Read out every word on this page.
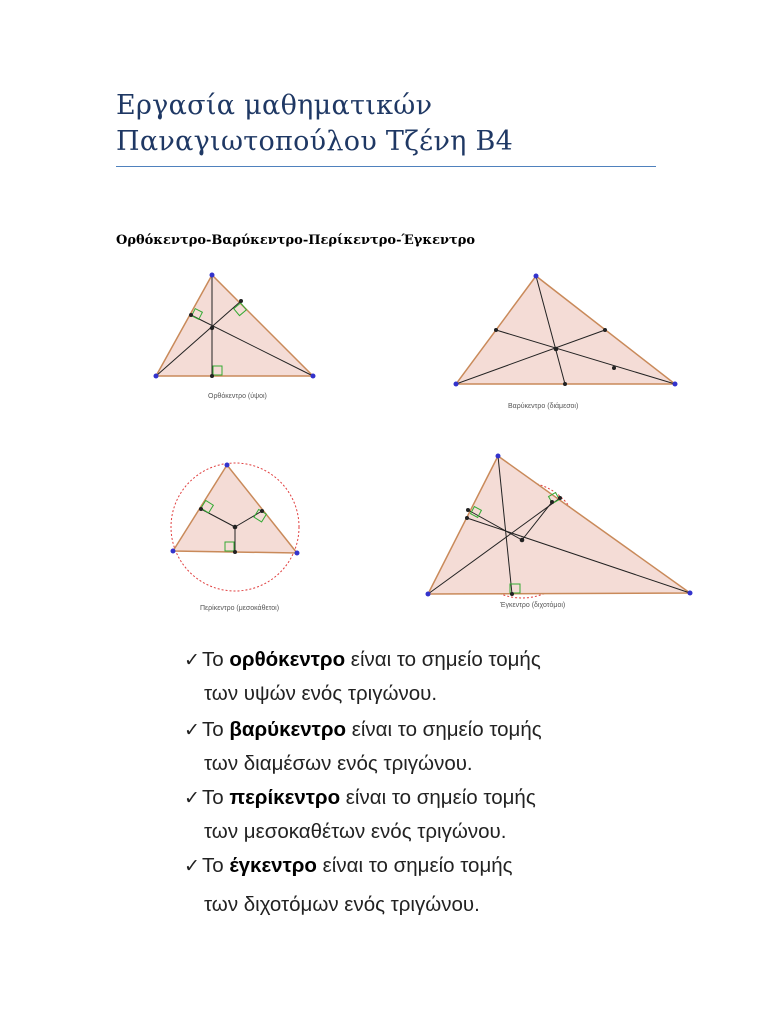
Εργασία μαθηματικών
Παναγιωτοπούλου Τζένη Β4
Ορθόκεντρο-Βαρύκεντρο-Περίκεντρο-Έγκεντρο
Ορθόκεντρο (ύψοι)
Βαρύκεντρο (διάμεσοι)
Περίκεντρο (μεσοκάθετοι)	Έγκεντρο (διχοτόμοι)
✓ Το ορθόκεντρο είναι το σημείο τομής
των υψών ενός τριγώνου.
✓ Το βαρύκεντρο είναι το σημείο τομής
των διαμέσων ενός τριγώνου.
✓ Το περίκεντρο είναι το σημείο τομής
των μεσοκαθέτων ενός τριγώνου.
✓ Το έγκεντρο είναι το σημείο τομής
των διχοτόμων ενός τριγώνου.
